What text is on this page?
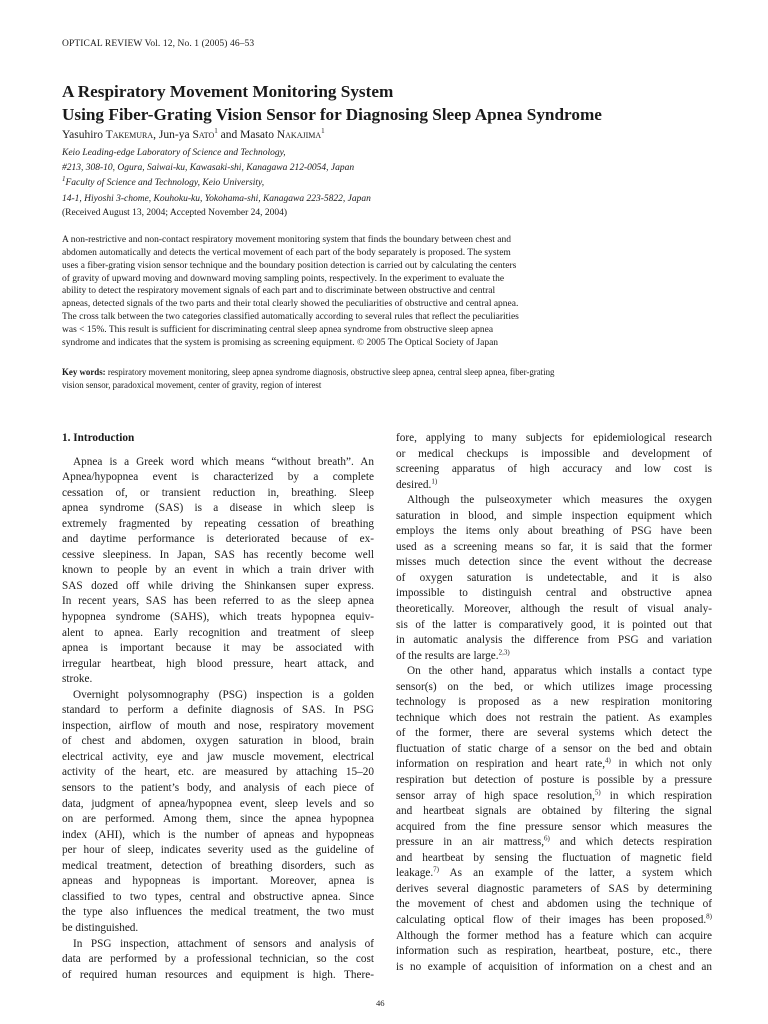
OPTICAL REVIEW Vol. 12, No. 1 (2005) 46–53
A Respiratory Movement Monitoring System
Using Fiber-Grating Vision Sensor for Diagnosing Sleep Apnea Syndrome
Yasuhiro Takemura, Jun-ya Sato$^1$ and Masato Nakajima$^1$
Keio Leading-edge Laboratory of Science and Technology,
#213, 308-10, Ogura, Saiwai-ku, Kawasaki-shi, Kanagawa 212-0054, Japan
$^1$Faculty of Science and Technology, Keio University,
14-1, Hiyoshi 3-chome, Kouhoku-ku, Yokohama-shi, Kanagawa 223-5822, Japan
(Received August 13, 2004; Accepted November 24, 2004)
A non-restrictive and non-contact respiratory movement monitoring system that finds the boundary between chest and
abdomen automatically and detects the vertical movement of each part of the body separately is proposed. The system
uses a fiber-grating vision sensor technique and the boundary position detection is carried out by calculating the centers
of gravity of upward moving and downward moving sampling points, respectively. In the experiment to evaluate the
ability to detect the respiratory movement signals of each part and to discriminate between obstructive and central
apneas, detected signals of the two parts and their total clearly showed the peculiarities of obstructive and central apnea.
The cross talk between the two categories classified automatically according to several rules that reflect the peculiarities
was < 15%. This result is sufficient for discriminating central sleep apnea syndrome from obstructive sleep apnea
syndrome and indicates that the system is promising as screening equipment. © 2005 The Optical Society of Japan
Key words: respiratory movement monitoring, sleep apnea syndrome diagnosis, obstructive sleep apnea, central sleep apnea, fiber-grating
vision sensor, paradoxical movement, center of gravity, region of interest
1. Introduction
Apnea is a Greek word which means “without breath”. An
Apnea/hypopnea event is characterized by a complete
cessation of, or transient reduction in, breathing. Sleep
apnea syndrome (SAS) is a disease in which sleep is
extremely fragmented by repeating cessation of breathing
and daytime performance is deteriorated because of ex-
cessive sleepiness. In Japan, SAS has recently become well
known to people by an event in which a train driver with
SAS dozed off while driving the Shinkansen super express.
In recent years, SAS has been referred to as the sleep apnea
hypopnea syndrome (SAHS), which treats hypopnea equiv-
alent to apnea. Early recognition and treatment of sleep
apnea is important because it may be associated with
irregular heartbeat, high blood pressure, heart attack, and
stroke.
Overnight polysomnography (PSG) inspection is a golden
standard to perform a definite diagnosis of SAS. In PSG
inspection, airflow of mouth and nose, respiratory movement
of chest and abdomen, oxygen saturation in blood, brain
electrical activity, eye and jaw muscle movement, electrical
activity of the heart, etc. are measured by attaching 15–20
sensors to the patient’s body, and analysis of each piece of
data, judgment of apnea/hypopnea event, sleep levels and so
on are performed. Among them, since the apnea hypopnea
index (AHI), which is the number of apneas and hypopneas
per hour of sleep, indicates severity used as the guideline of
medical treatment, detection of breathing disorders, such as
apneas and hypopneas is important. Moreover, apnea is
classified to two types, central and obstructive apnea. Since
the type also influences the medical treatment, the two must
be distinguished.
In PSG inspection, attachment of sensors and analysis of
data are performed by a professional technician, so the cost
of required human resources and equipment is high. There-
fore, applying to many subjects for epidemiological research
or medical checkups is impossible and development of
screening apparatus of high accuracy and low cost is
desired.$^{1)}$
Although the pulseoxymeter which measures the oxygen
saturation in blood, and simple inspection equipment which
employs the items only about breathing of PSG have been
used as a screening means so far, it is said that the former
misses much detection since the event without the decrease
of oxygen saturation is undetectable, and it is also
impossible to distinguish central and obstructive apnea
theoretically. Moreover, although the result of visual analy-
sis of the latter is comparatively good, it is pointed out that
in automatic analysis the difference from PSG and variation
of the results are large.$^{2,3)}$
On the other hand, apparatus which installs a contact type
sensor(s) on the bed, or which utilizes image processing
technology is proposed as a new respiration monitoring
technique which does not restrain the patient. As examples
of the former, there are several systems which detect the
fluctuation of static charge of a sensor on the bed and obtain
information on respiration and heart rate,$^{4)}$ in which not only
respiration but detection of posture is possible by a pressure
sensor array of high space resolution,$^{5)}$ in which respiration
and heartbeat signals are obtained by filtering the signal
acquired from the fine pressure sensor which measures the
pressure in an air mattress,$^{6)}$ and which detects respiration
and heartbeat by sensing the fluctuation of magnetic field
leakage.$^{7)}$ As an example of the latter, a system which
derives several diagnostic parameters of SAS by determining
the movement of chest and abdomen using the technique of
calculating optical flow of their images has been proposed.$^{8)}$
Although the former method has a feature which can acquire
information such as respiration, heartbeat, posture, etc., there
is no example of acquisition of information on a chest and an
46
